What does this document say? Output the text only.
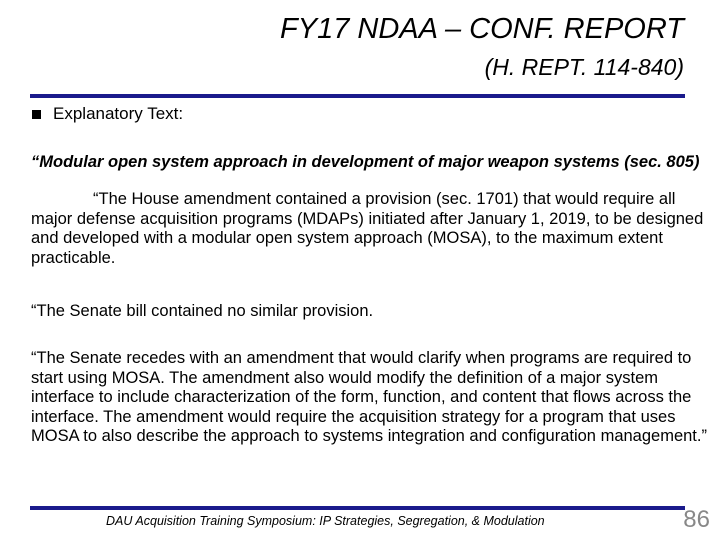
FY17 NDAA – CONF. REPORT
(H. REPT. 114-840)
Explanatory Text:
“Modular open system approach in development of major weapon systems (sec. 805)
“The House amendment contained a provision (sec. 1701) that would require all major defense acquisition programs (MDAPs) initiated after January 1, 2019, to be designed and developed with a modular open system approach (MOSA), to the maximum extent practicable.
“The Senate bill contained no similar provision.
“The Senate recedes with an amendment that would clarify when programs are required to start using MOSA. The amendment also would modify the definition of a major system interface to include characterization of the form, function, and content that flows across the interface. The amendment would require the acquisition strategy for a program that uses MOSA to also describe the approach to systems integration and configuration management.”
DAU Acquisition Training Symposium: IP Strategies, Segregation, & Modulation	86
